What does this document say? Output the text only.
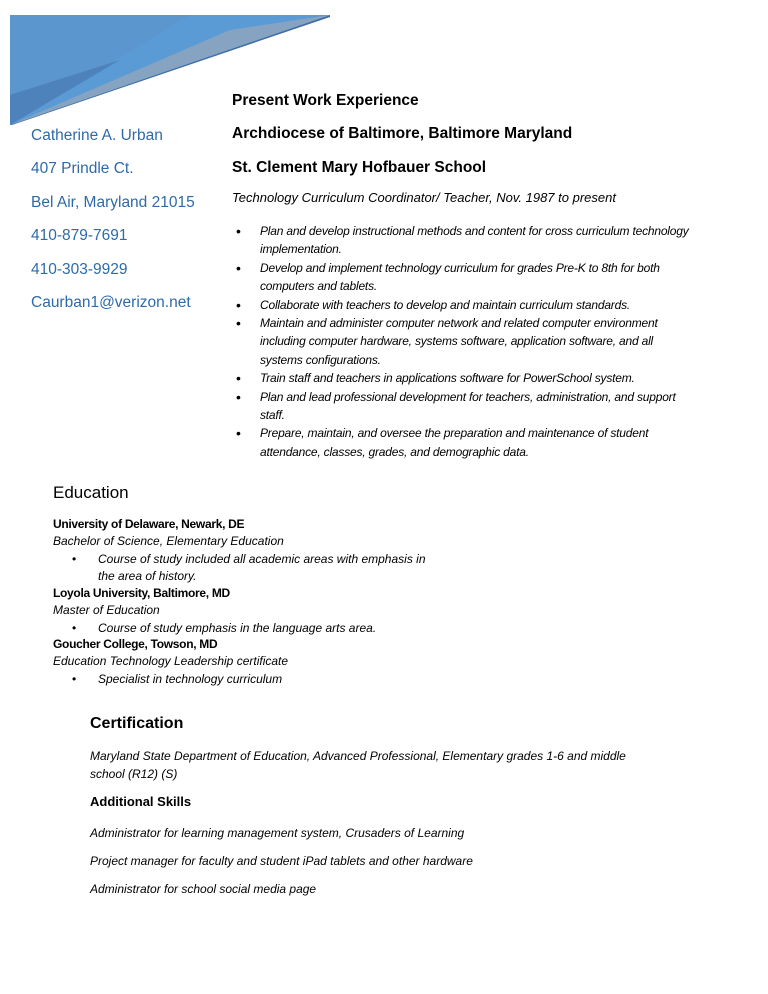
Catherine A. Urban
407 Prindle Ct.
Bel Air, Maryland 21015
410-879-7691
410-303-9929
Caurban1@verizon.net
Present Work Experience
Archdiocese of Baltimore, Baltimore Maryland
St. Clement Mary Hofbauer School
Technology Curriculum Coordinator/ Teacher, Nov. 1987 to present
• Plan and develop instructional methods and content for cross curriculum technology implementation.
• Develop and implement technology curriculum for grades Pre-K to 8th for both computers and tablets.
• Collaborate with teachers to develop and maintain curriculum standards.
• Maintain and administer computer network and related computer environment including computer hardware, systems software, application software, and all systems configurations.
• Train staff and teachers in applications software for PowerSchool system.
• Plan and lead professional development for teachers, administration, and support staff.
• Prepare, maintain, and oversee the preparation and maintenance of student attendance, classes, grades, and demographic data.
Education
University of Delaware, Newark, DE
Bachelor of Science, Elementary Education
• Course of study included all academic areas with emphasis in
the area of history.
Loyola University, Baltimore, MD
Master of Education
• Course of study emphasis in the language arts area.
Goucher College, Towson, MD
Education Technology Leadership certificate
• Specialist in technology curriculum
Certification
Maryland State Department of Education, Advanced Professional, Elementary grades 1-6 and middle
school (R12) (S)
Additional Skills
Administrator for learning management system, Crusaders of Learning
Project manager for faculty and student iPad tablets and other hardware
Administrator for school social media page
